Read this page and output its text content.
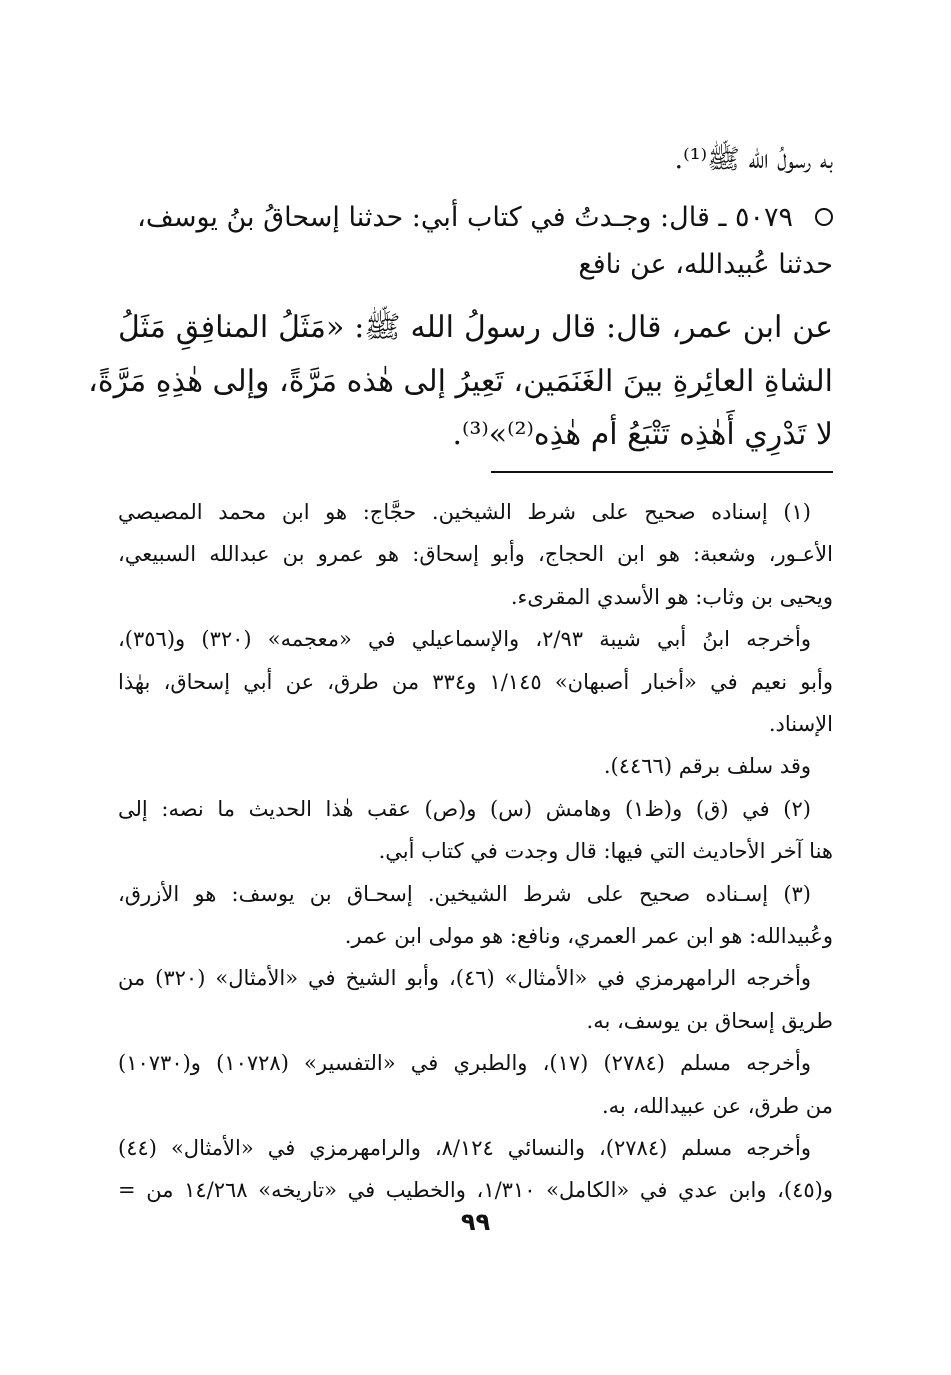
به رسولُ الله ﷺ⁽¹⁾.
٥٠٧٩ ـ قال: وجـدتُ في كتاب أبي: حدثنا إسحاقُ بنُ يوسف،
حدثنا عُبيدالله، عن نافع
عن ابن عمر، قال: قال رسولُ الله ﷺ: «مَثَلُ المنافِقِ مَثَلُ
الشاةِ العائِرةِ بينَ الغَنَمَين، تَعِيرُ إلى هٰذه مَرَّةً، وإلى هٰذِهِ مَرَّةً،
لا تَدْرِي أَهٰذِه تَتْبَعُ أم هٰذِه⁽²⁾»⁽³⁾.
(١) إسناده صحيح على شرط الشيخين. حجَّاج: هو ابن محمد المصيصي
الأعـور، وشعبة: هو ابن الحجاج، وأبو إسحاق: هو عمرو بن عبدالله السبيعي،
ويحيى بن وثاب: هو الأسدي المقرىء.
وأخرجه ابنُ أبي شيبة ٢/٩٣، والإسماعيلي في «معجمه» (٣٢٠) و(٣٥٦)،
وأبو نعيم في «أخبار أصبهان» ١/١٤٥ و٣٣٤ من طرق، عن أبي إسحاق، بهٰذا
الإسناد.
وقد سلف برقم (٤٤٦٦).
(٢) في (ق) و(ظ١) وهامش (س) و(ص) عقب هٰذا الحديث ما نصه: إلى
هنا آخر الأحاديث التي فيها: قال وجدت في كتاب أبي.
(٣) إسـناده صحيح على شرط الشيخين. إسحـاق بن يوسف: هو الأزرق،
وعُبيدالله: هو ابن عمر العمري، ونافع: هو مولى ابن عمر.
وأخرجه الرامهرمزي في «الأمثال» (٤٦)، وأبو الشيخ في «الأمثال» (٣٢٠) من
طريق إسحاق بن يوسف، به.
وأخرجه مسلم (٢٧٨٤) (١٧)، والطبري في «التفسير» (١٠٧٢٨) و(١٠٧٣٠)
من طرق، عن عبيدالله، به.
وأخرجه مسلم (٢٧٨٤)، والنسائي ٨/١٢٤، والرامهرمزي في «الأمثال» (٤٤)
و(٤٥)، وابن عدي في «الكامل» ١/٣١٠، والخطيب في «تاريخه» ١٤/٢٦٨ من =
٩٩
